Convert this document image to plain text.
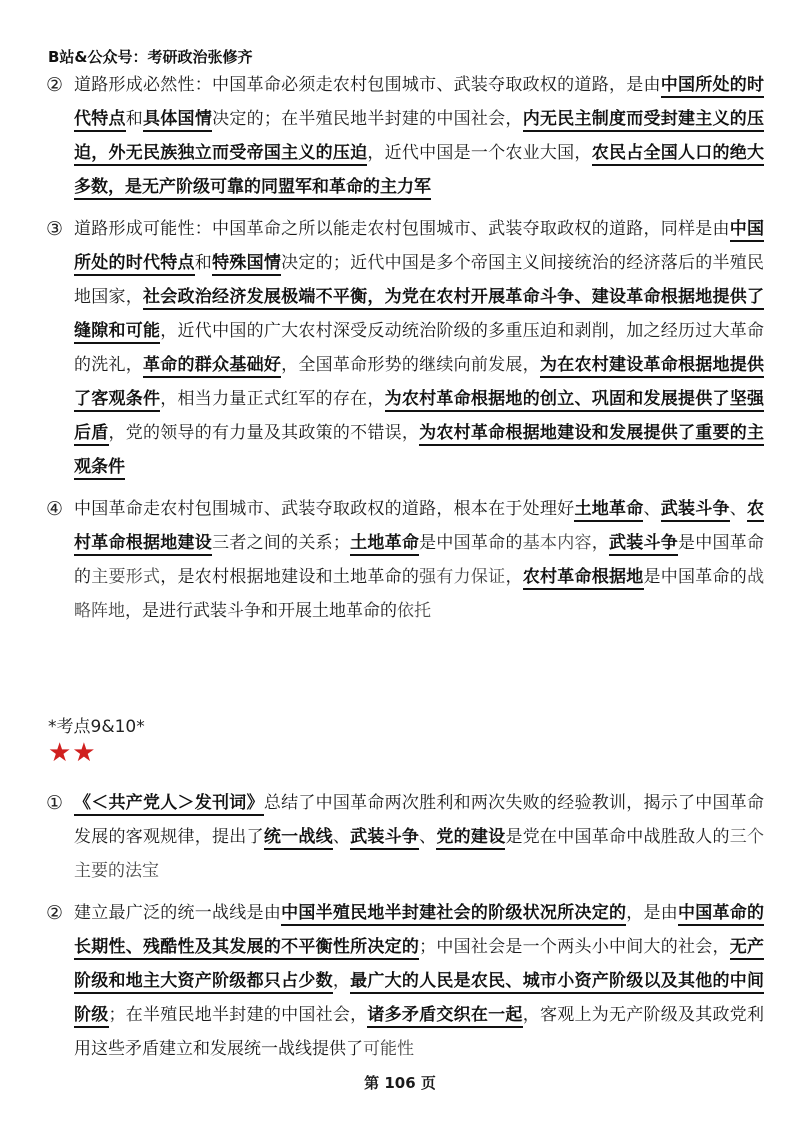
B站&公众号：考研政治张修齐
② 道路形成必然性：中国革命必须走农村包围城市、武装夺取政权的道路，是由中国所处的时代特点和具体国情决定的；在半殖民地半封建的中国社会，内无民主制度而受封建主义的压迫，外无民族独立而受帝国主义的压迫，近代中国是一个农业大国，农民占全国人口的绝大多数，是无产阶级可靠的同盟军和革命的主力军
③ 道路形成可能性：中国革命之所以能走农村包围城市、武装夺取政权的道路，同样是由中国所处的时代特点和特殊国情决定的；近代中国是多个帝国主义间接统治的经济落后的半殖民地国家，社会政治经济发展极端不平衡，为党在农村开展革命斗争、建设革命根据地提供了缝隙和可能，近代中国的广大农村深受反动统治阶级的多重压迫和剥削，加之经历过大革命的洗礼，革命的群众基础好，全国革命形势的继续向前发展，为在农村建设革命根据地提供了客观条件，相当力量正式红军的存在，为农村革命根据地的创立、巩固和发展提供了坚强后盾，党的领导的有力量及其政策的不错误，为农村革命根据地建设和发展提供了重要的主观条件
④ 中国革命走农村包围城市、武装夺取政权的道路，根本在于处理好土地革命、武装斗争、农村革命根据地建设三者之间的关系；土地革命是中国革命的基本内容，武装斗争是中国革命的主要形式，是农村根据地建设和土地革命的强有力保证，农村革命根据地是中国革命的战略阵地，是进行武装斗争和开展土地革命的依托
*考点9&10*
★★
① 《＜共产党人＞发刊词》总结了中国革命两次胜利和两次失败的经验教训，揭示了中国革命发展的客观规律，提出了统一战线、武装斗争、党的建设是党在中国革命中战胜敌人的三个主要的法宝
② 建立最广泛的统一战线是由中国半殖民地半封建社会的阶级状况所决定的，是由中国革命的长期性、残酷性及其发展的不平衡性所决定的；中国社会是一个两头小中间大的社会，无产阶级和地主大资产阶级都只占少数，最广大的人民是农民、城市小资产阶级以及其他的中间阶级；在半殖民地半封建的中国社会，诸多矛盾交织在一起，客观上为无产阶级及其政党利用这些矛盾建立和发展统一战线提供了可能性
第 106 页
